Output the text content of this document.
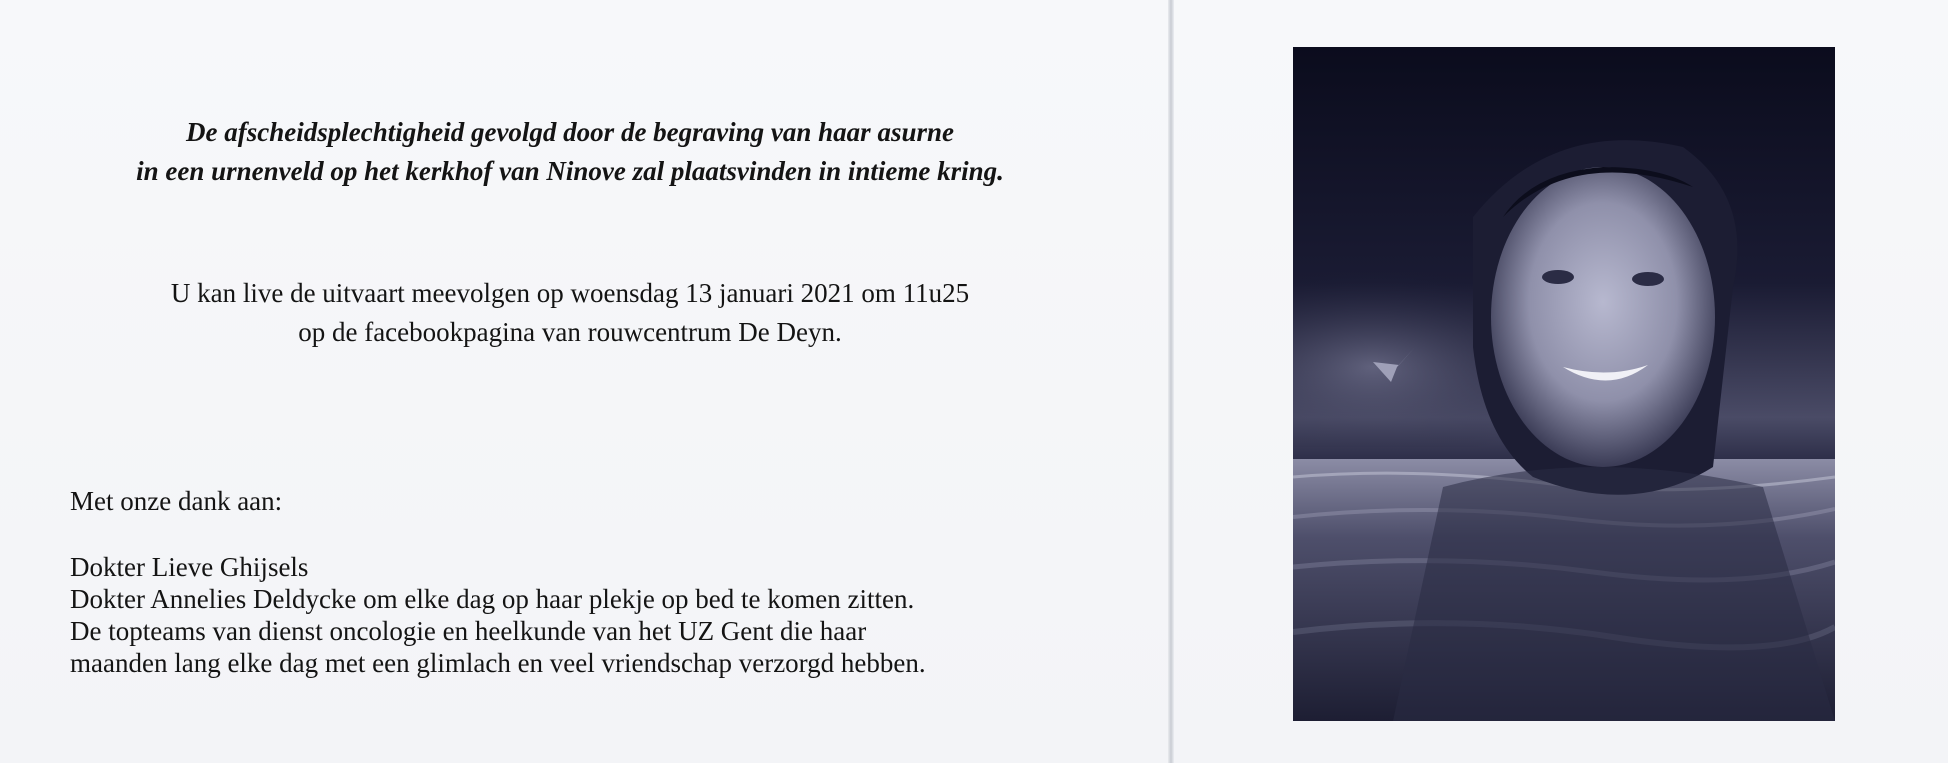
De afscheidsplechtigheid gevolgd door de begraving van haar asurne
in een urnenveld op het kerkhof van Ninove zal plaatsvinden in intieme kring.
U kan live de uitvaart meevolgen op woensdag 13 januari 2021 om 11u25
op de facebookpagina van rouwcentrum De Deyn.
Met onze dank aan:
Dokter Lieve Ghijsels
Dokter Annelies Deldycke om elke dag op haar plekje op bed te komen zitten.
De topteams van dienst oncologie en heelkunde van het UZ Gent die haar
maanden lang elke dag met een glimlach en veel vriendschap verzorgd hebben.
